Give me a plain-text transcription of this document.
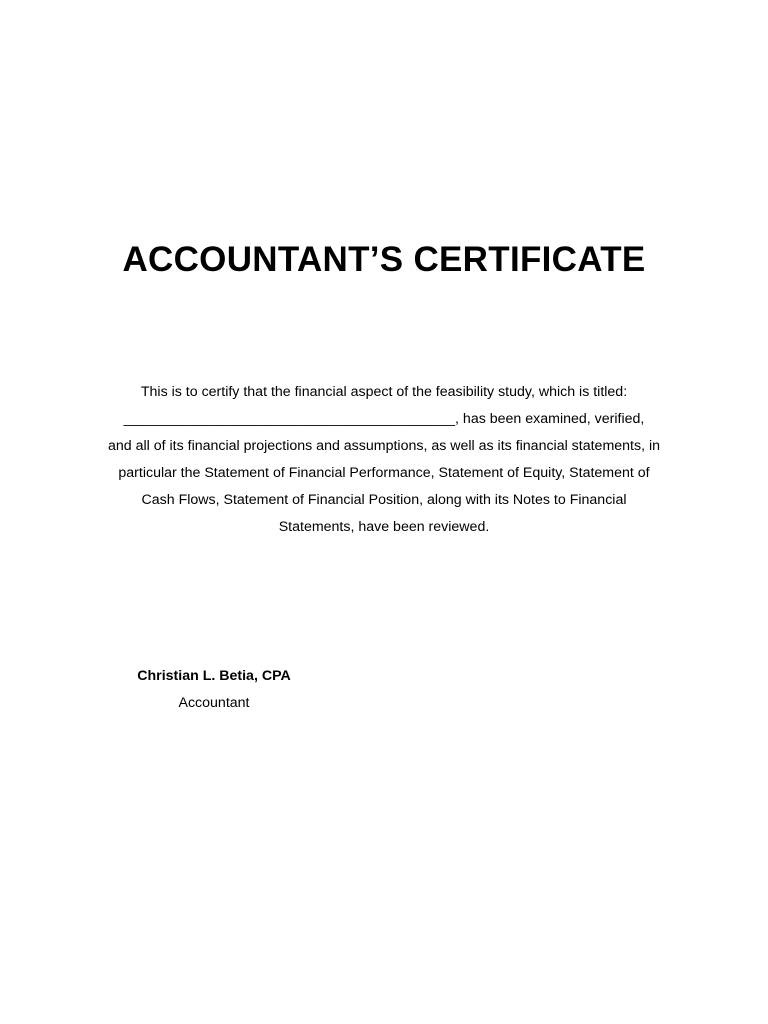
ACCOUNTANT’S CERTIFICATE

This is to certify that the financial aspect of the feasibility study, which is titled:
__________________________________________, has been examined, verified,
and all of its financial projections and assumptions, as well as its financial statements, in
particular the Statement of Financial Performance, Statement of Equity, Statement of
Cash Flows, Statement of Financial Position, along with its Notes to Financial
Statements, have been reviewed.

Christian L. Betia, CPA
Accountant
